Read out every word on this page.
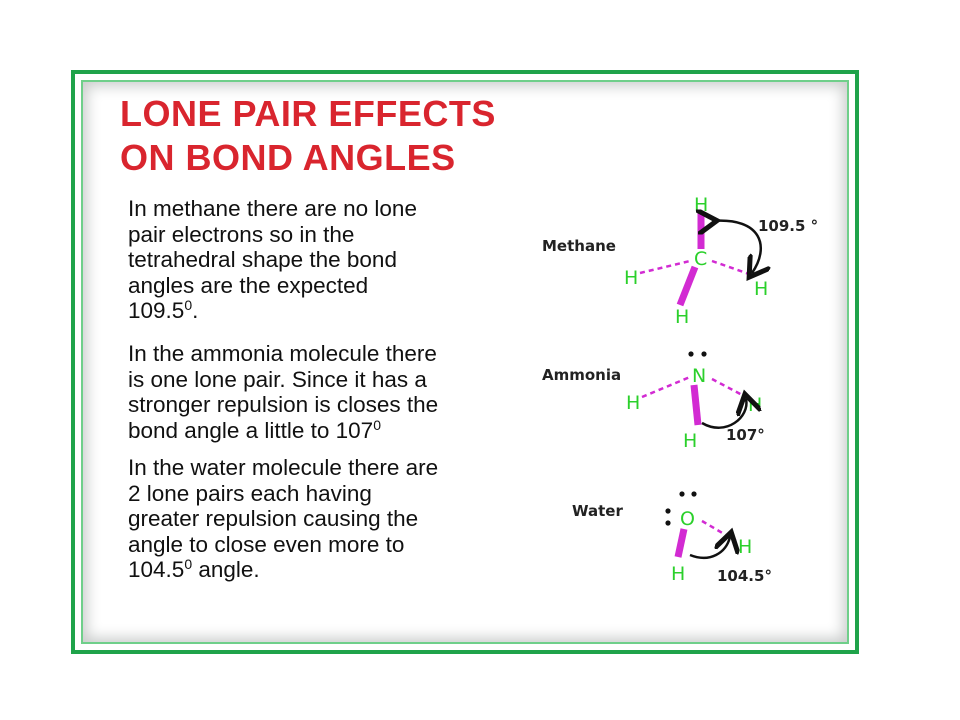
LONE PAIR EFFECTS
ON BOND ANGLES
In methane there are no lone
pair electrons so in the
tetrahedral shape the bond
angles are the expected
109.5$^0$.
In the ammonia molecule there
is one lone pair. Since it has a
stronger repulsion is closes the
bond angle a little to $107^0$
In the water molecule there are
2 lone pairs each having
greater repulsion causing the
angle to close even more to
104.5$^0$ angle.
Methane
H
C
H	H
H
109.5 °
Ammonia	N
H	H
H 107°
Water	O
H
H 104.5°
